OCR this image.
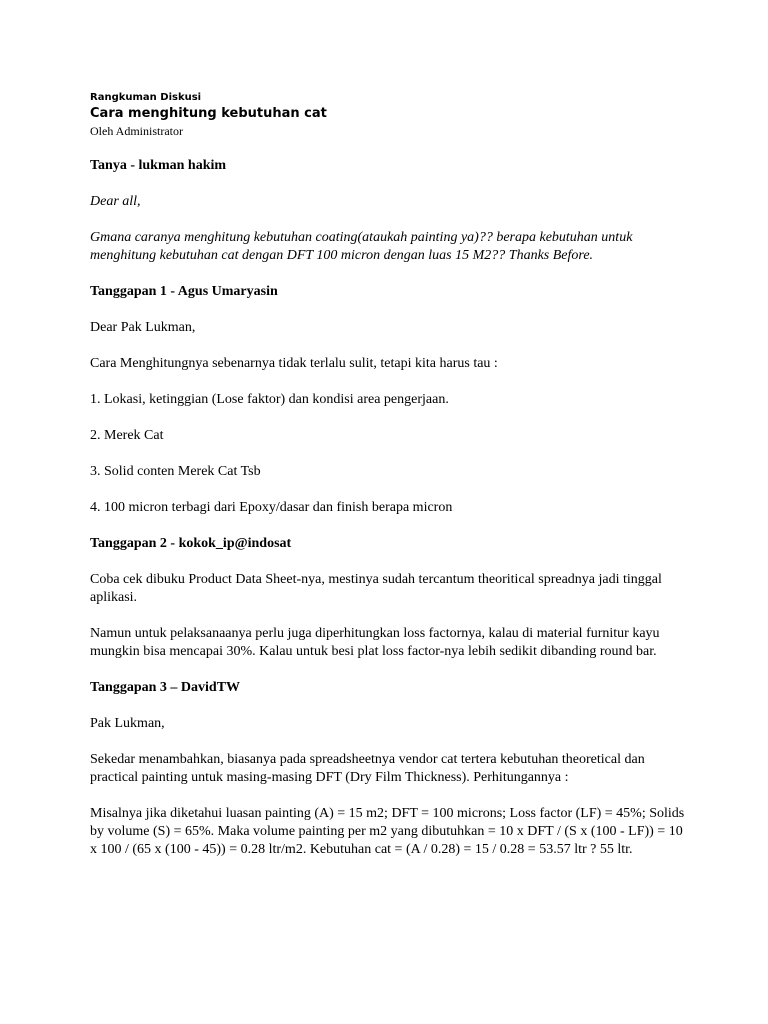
Rangkuman Diskusi

Cara menghitung kebutuhan cat

Oleh Administrator

Tanya - lukman hakim

Dear all,

Gmana caranya menghitung kebutuhan coating(ataukah painting ya)?? berapa kebutuhan untuk menghitung kebutuhan cat dengan DFT 100 micron dengan luas 15 M2?? Thanks Before.

Tanggapan 1 - Agus Umaryasin

Dear Pak Lukman,

Cara Menghitungnya sebenarnya tidak terlalu sulit, tetapi kita harus tau :

1. Lokasi, ketinggian (Lose faktor) dan kondisi area pengerjaan.

2. Merek Cat

3. Solid conten Merek Cat Tsb

4. 100 micron terbagi dari Epoxy/dasar dan finish berapa micron

Tanggapan 2 - kokok_ip@indosat

Coba cek dibuku Product Data Sheet-nya, mestinya sudah tercantum theoritical spreadnya jadi tinggal aplikasi.

Namun untuk pelaksanaanya perlu juga diperhitungkan loss factornya, kalau di material furnitur kayu mungkin bisa mencapai 30%. Kalau untuk besi plat loss factor-nya lebih sedikit dibanding round bar.

Tanggapan 3 – DavidTW

Pak Lukman,

Sekedar menambahkan, biasanya pada spreadsheetnya vendor cat tertera kebutuhan theoretical dan practical painting untuk masing-masing DFT (Dry Film Thickness). Perhitungannya :

Misalnya jika diketahui luasan painting (A) = 15 m2; DFT = 100 microns; Loss factor (LF) = 45%; Solids by volume (S) = 65%. Maka volume painting per m2 yang dibutuhkan = 10 x DFT / (S x (100 - LF)) = 10 x 100 / (65 x (100 - 45)) = 0.28 ltr/m2. Kebutuhan cat = (A / 0.28) = 15 / 0.28 = 53.57 ltr ? 55 ltr.
